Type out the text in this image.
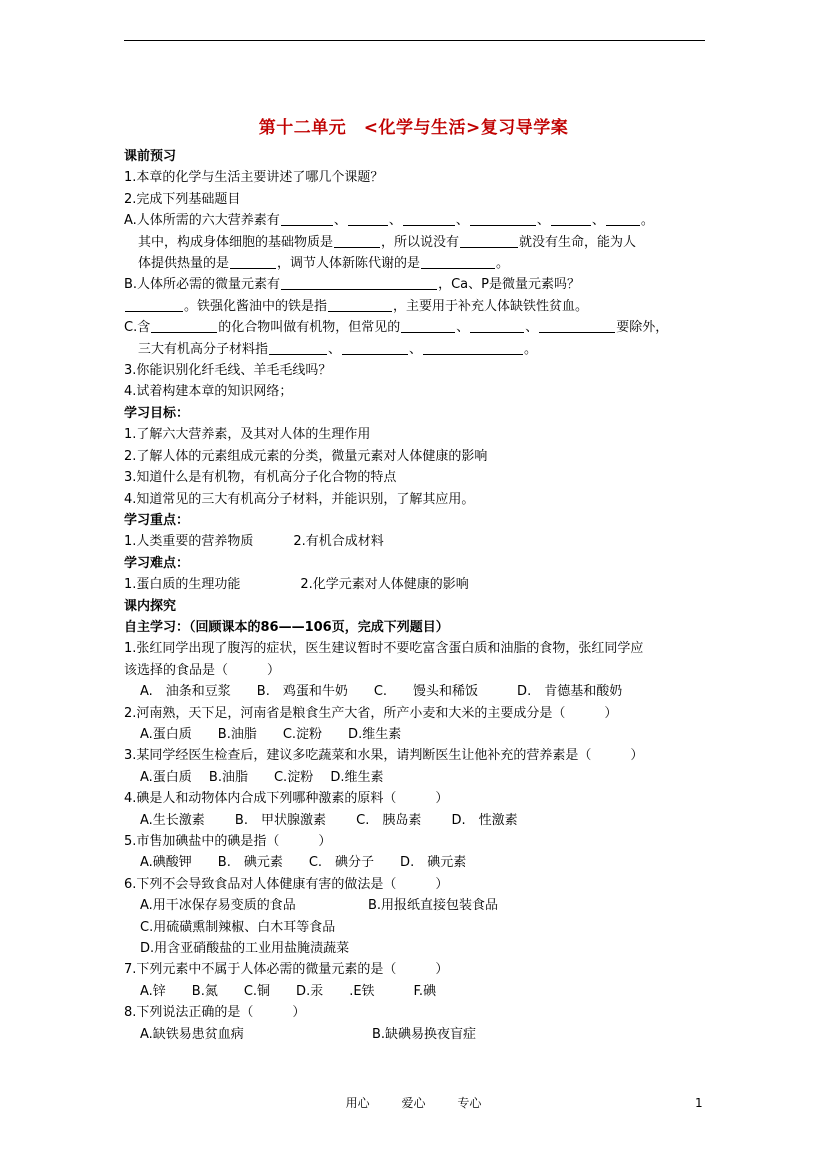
第十二单元　<化学与生活>复习导学案
课前预习
1.本章的化学与生活主要讲述了哪几个课题？
2.完成下列基础题目
A.人体所需的六大营养素有	、	、	、	、	、	。
其中，构成身体细胞的基础物质是	，所以说没有	就没有生命，能为人
体提供热量的是	，调节人体新陈代谢的是	。
B.人体所必需的微量元素有	，Ca、P是微量元素吗？
。铁强化酱油中的铁是指	，主要用于补充人体缺铁性贫血。
C.含	的化合物叫做有机物，但常见的	、	、	要除外，
三大有机高分子材料指	、	、	。
3.你能识别化纤毛线、羊毛毛线吗？
4.试着构建本章的知识网络；
学习目标：
1.了解六大营养素，及其对人体的生理作用
2.了解人体的元素组成元素的分类，微量元素对人体健康的影响
3.知道什么是有机物，有机高分子化合物的特点
4.知道常见的三大有机高分子材料，并能识别，了解其应用。
学习重点：
1.人类重要的营养物质	2.有机合成材料
学习难点：
1.蛋白质的生理功能	2.化学元素对人体健康的影响
课内探究
自主学习：（回顾课本的86——106页，完成下列题目）
1.张红同学出现了腹泻的症状，医生建议暂时不要吃富含蛋白质和油脂的食物，张红同学应
该选择的食品是（　　　）
A.　油条和豆浆　　B.　鸡蛋和牛奶　　C.　　馒头和稀饭　　　D.　肯德基和酸奶
2.河南熟，天下足，河南省是粮食生产大省，所产小麦和大米的主要成分是（　　　）
A.蛋白质　　B.油脂　　C.淀粉　　D.维生素
3.某同学经医生检查后，建议多吃蔬菜和水果，请判断医生让他补充的营养素是（　　　）
A.蛋白质　 B.油脂　　C.淀粉　 D.维生素
4.碘是人和动物体内合成下列哪种激素的原料（　　　）
A.生长激素　　 B.　甲状腺激素　　 C.　胰岛素　　 D.　性激素
5.市售加碘盐中的碘是指（　　　）
A.碘酸钾　　B.　碘元素　　C.　碘分子　　D.　碘元素
6.下列不会导致食品对人体健康有害的做法是（　　　）
A.用干冰保存易变质的食品	B.用报纸直接包装食品
C.用硫磺熏制辣椒、白木耳等食品
D.用含亚硝酸盐的工业用盐腌渍蔬菜
7.下列元素中不属于人体必需的微量元素的是（　　　）
A.锌　　B.氮　　C.铜　　D.汞　　.E铁　　　F.碘
8.下列说法正确的是（　　　）
A.缺铁易患贫血病	B.缺碘易换夜盲症
用心	爱心	专心	1
